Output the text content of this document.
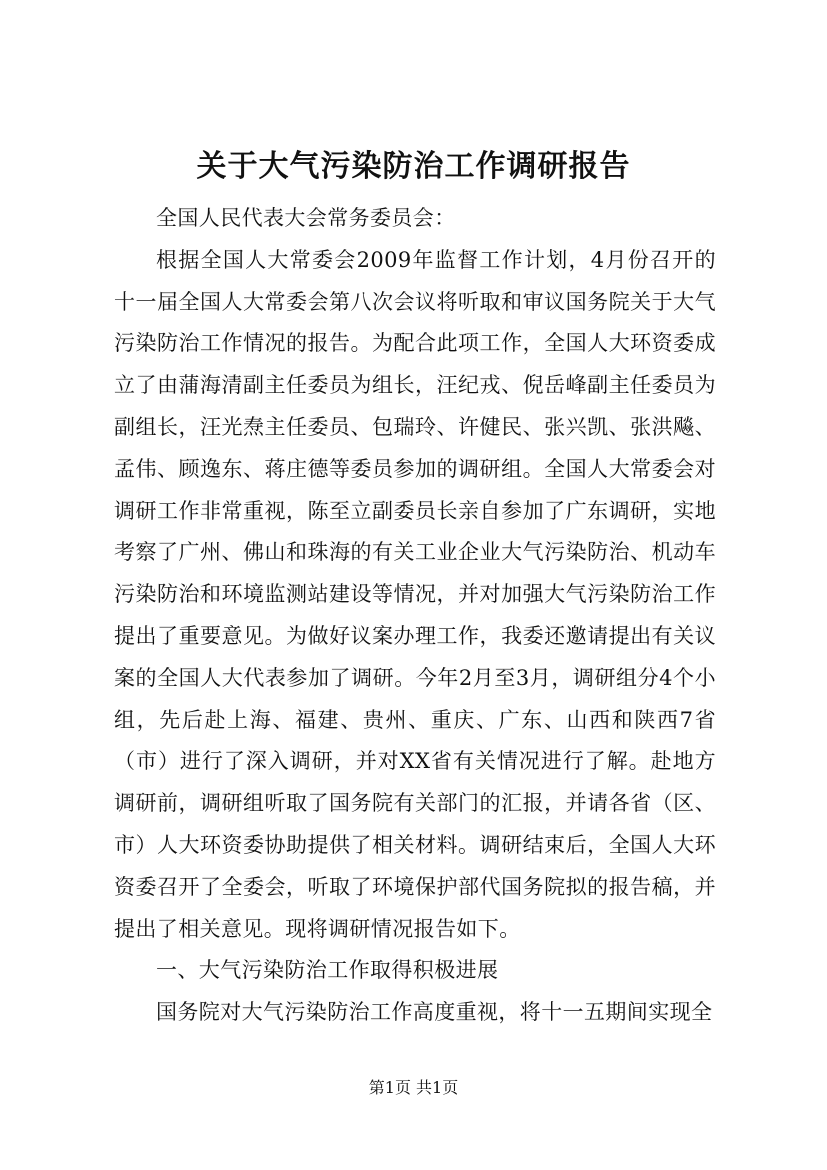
关于大气污染防治工作调研报告

全国人民代表大会常务委员会：

根据全国人大常委会2009年监督工作计划，4月份召开的十一届全国人大常委会第八次会议将听取和审议国务院关于大气污染防治工作情况的报告。为配合此项工作，全国人大环资委成立了由蒲海清副主任委员为组长，汪纪戎、倪岳峰副主任委员为副组长，汪光焘主任委员、包瑞玲、许健民、张兴凯、张洪飚、孟伟、顾逸东、蒋庄德等委员参加的调研组。全国人大常委会对调研工作非常重视，陈至立副委员长亲自参加了广东调研，实地考察了广州、佛山和珠海的有关工业企业大气污染防治、机动车污染防治和环境监测站建设等情况，并对加强大气污染防治工作提出了重要意见。为做好议案办理工作，我委还邀请提出有关议案的全国人大代表参加了调研。今年2月至3月，调研组分4个小组，先后赴上海、福建、贵州、重庆、广东、山西和陕西7省（市）进行了深入调研，并对XX省有关情况进行了解。赴地方调研前，调研组听取了国务院有关部门的汇报，并请各省（区、市）人大环资委协助提供了相关材料。调研结束后，全国人大环资委召开了全委会，听取了环境保护部代国务院拟的报告稿，并提出了相关意见。现将调研情况报告如下。

一、大气污染防治工作取得积极进展

国务院对大气污染防治工作高度重视，将十一五期间实现全

第1页 共1页
